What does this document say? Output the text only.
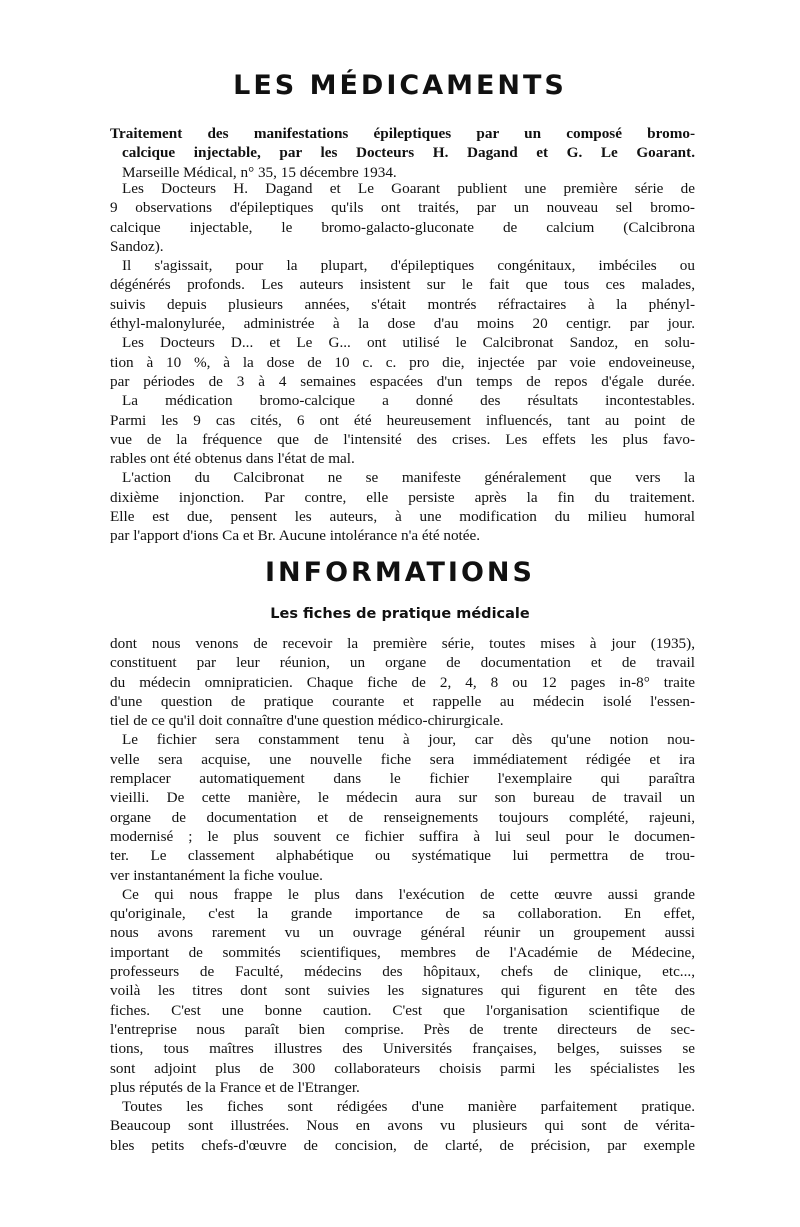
LES MÉDICAMENTS
Traitement des manifestations épileptiques par un composé bromo-
calcique injectable, par les Docteurs H. Dagand et G. Le Goarant.
Marseille Médical, n° 35, 15 décembre 1934.
Les Docteurs H. Dagand et Le Goarant publient une première série de
9 observations d'épileptiques qu'ils ont traités, par un nouveau sel bromo-
calcique injectable, le bromo-galacto-gluconate de calcium (Calcibrona
Sandoz).
Il s'agissait, pour la plupart, d'épileptiques congénitaux, imbéciles ou
dégénérés profonds. Les auteurs insistent sur le fait que tous ces malades,
suivis depuis plusieurs années, s'était montrés réfractaires à la phényl-
éthyl-malonylurée, administrée à la dose d'au moins 20 centigr. par jour.
Les Docteurs D... et Le G... ont utilisé le Calcibronat Sandoz, en solu-
tion à 10 %, à la dose de 10 c. c. pro die, injectée par voie endoveineuse,
par périodes de 3 à 4 semaines espacées d'un temps de repos d'égale durée.
La médication bromo-calcique a donné des résultats incontestables.
Parmi les 9 cas cités, 6 ont été heureusement influencés, tant au point de
vue de la fréquence que de l'intensité des crises. Les effets les plus favo-
rables ont été obtenus dans l'état de mal.
L'action du Calcibronat ne se manifeste généralement que vers la
dixième injonction. Par contre, elle persiste après la fin du traitement.
Elle est due, pensent les auteurs, à une modification du milieu humoral
par l'apport d'ions Ca et Br. Aucune intolérance n'a été notée.
INFORMATIONS
Les fiches de pratique médicale
dont nous venons de recevoir la première série, toutes mises à jour (1935),
constituent par leur réunion, un organe de documentation et de travail
du médecin omnipraticien. Chaque fiche de 2, 4, 8 ou 12 pages in-8° traite
d'une question de pratique courante et rappelle au médecin isolé l'essen-
tiel de ce qu'il doit connaître d'une question médico-chirurgicale.
Le fichier sera constamment tenu à jour, car dès qu'une notion nou-
velle sera acquise, une nouvelle fiche sera immédiatement rédigée et ira
remplacer automatiquement dans le fichier l'exemplaire qui paraîtra
vieilli. De cette manière, le médecin aura sur son bureau de travail un
organe de documentation et de renseignements toujours complété, rajeuni,
modernisé ; le plus souvent ce fichier suffira à lui seul pour le documen-
ter. Le classement alphabétique ou systématique lui permettra de trou-
ver instantanément la fiche voulue.
Ce qui nous frappe le plus dans l'exécution de cette œuvre aussi grande
qu'originale, c'est la grande importance de sa collaboration. En effet,
nous avons rarement vu un ouvrage général réunir un groupement aussi
important de sommités scientifiques, membres de l'Académie de Médecine,
professeurs de Faculté, médecins des hôpitaux, chefs de clinique, etc...,
voilà les titres dont sont suivies les signatures qui figurent en tête des
fiches. C'est une bonne caution. C'est que l'organisation scientifique de
l'entreprise nous paraît bien comprise. Près de trente directeurs de sec-
tions, tous maîtres illustres des Universités françaises, belges, suisses se
sont adjoint plus de 300 collaborateurs choisis parmi les spécialistes les
plus réputés de la France et de l'Etranger.
Toutes les fiches sont rédigées d'une manière parfaitement pratique.
Beaucoup sont illustrées. Nous en avons vu plusieurs qui sont de vérita-
bles petits chefs-d'œuvre de concision, de clarté, de précision, par exemple
